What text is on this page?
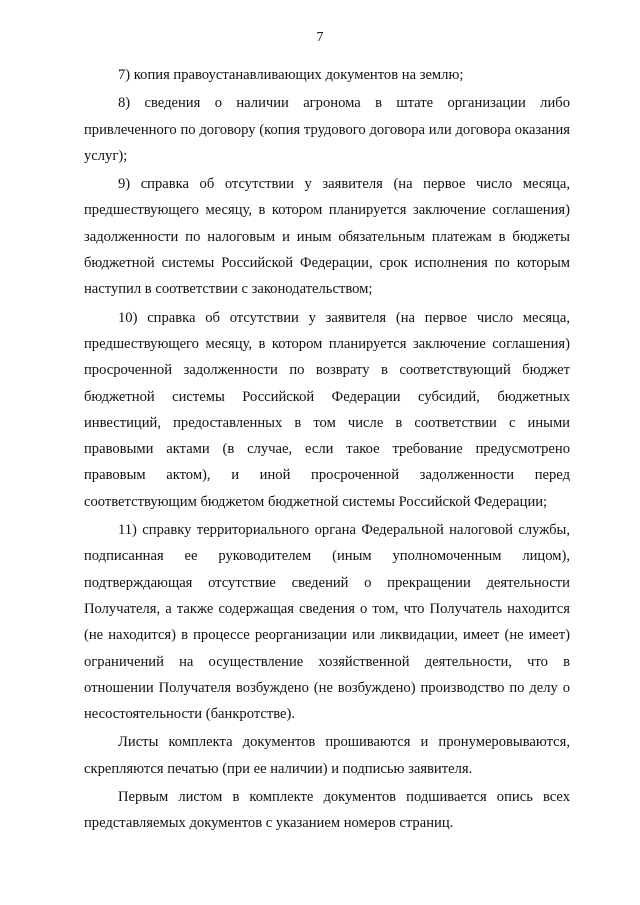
7

7) копия правоустанавливающих документов на землю;

8) сведения о наличии агронома в штате организации либо привлеченного по договору (копия трудового договора или договора оказания услуг);

9) справка об отсутствии у заявителя (на первое число месяца, предшествующего месяцу, в котором планируется заключение соглашения) задолженности по налоговым и иным обязательным платежам в бюджеты бюджетной системы Российской Федерации, срок исполнения по которым наступил в соответствии с законодательством;

10) справка об отсутствии у заявителя (на первое число месяца, предшествующего месяцу, в котором планируется заключение соглашения) просроченной задолженности по возврату в соответствующий бюджет бюджетной системы Российской Федерации субсидий, бюджетных инвестиций, предоставленных в том числе в соответствии с иными правовыми актами (в случае, если такое требование предусмотрено правовым актом), и иной просроченной задолженности перед соответствующим бюджетом бюджетной системы Российской Федерации;

11) справку территориального органа Федеральной налоговой службы, подписанная ее руководителем (иным уполномоченным лицом), подтверждающая отсутствие сведений о прекращении деятельности Получателя, а также содержащая сведения о том, что Получатель находится (не находится) в процессе реорганизации или ликвидации, имеет (не имеет) ограничений на осуществление хозяйственной деятельности, что в отношении Получателя возбуждено (не возбуждено) производство по делу о несостоятельности (банкротстве).

Листы комплекта документов прошиваются и пронумеровываются, скрепляются печатью (при ее наличии) и подписью заявителя.

Первым листом в комплекте документов подшивается опись всех представляемых документов с указанием номеров страниц.
